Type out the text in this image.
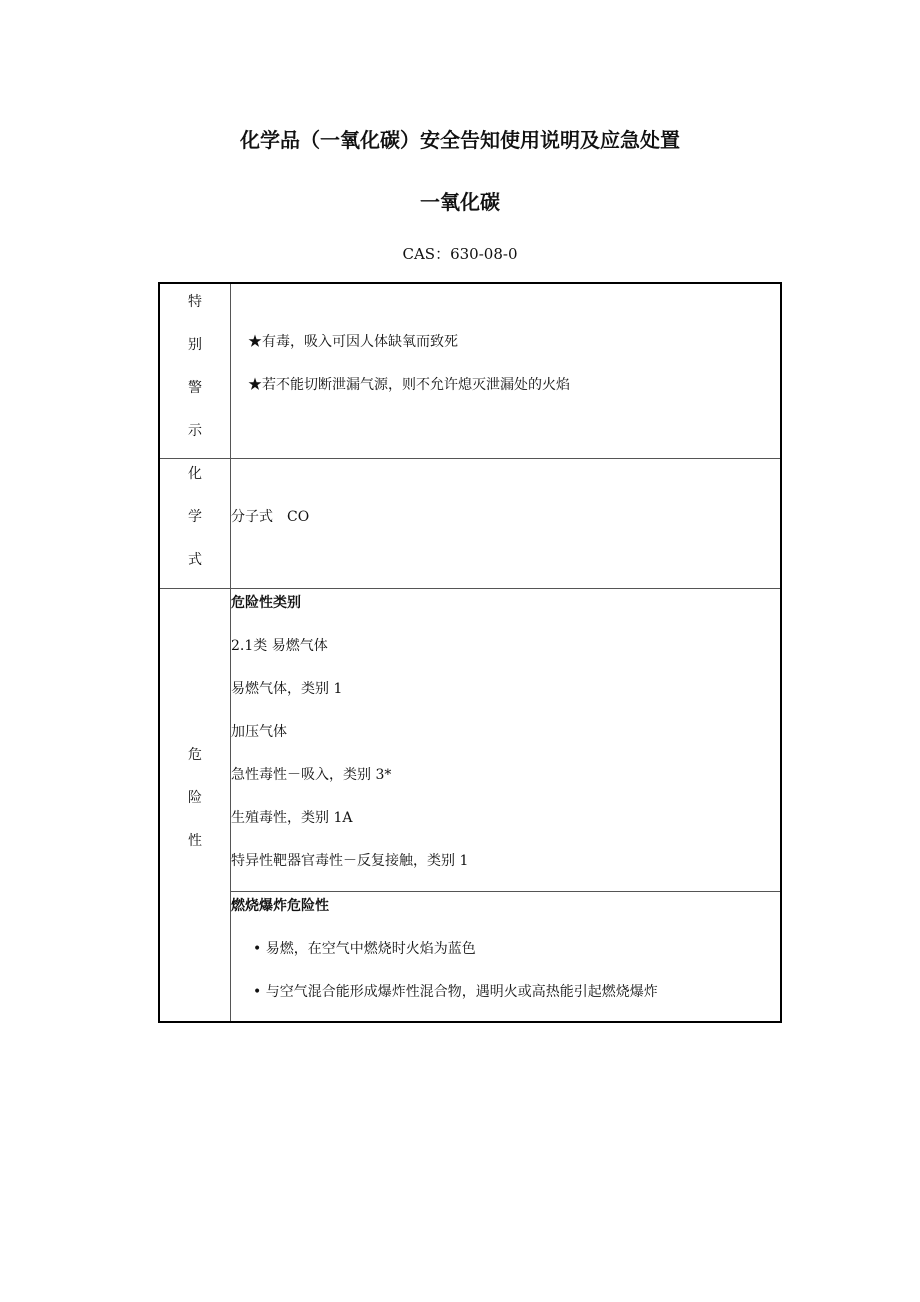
化学品（一氧化碳）安全告知使用说明及应急处置
一氧化碳
CAS：630-08-0
特
别
警
示
★有毒，吸入可因人体缺氧而致死
★若不能切断泄漏气源，则不允许熄灭泄漏处的火焰
化
学
式
分子式　CO
危
险
性
危险性类别
2.1类 易燃气体
易燃气体，类别 1
加压气体
急性毒性－吸入，类别 3*
生殖毒性，类别 1A
特异性靶器官毒性－反复接触，类别 1
燃烧爆炸危险性
• 易燃，在空气中燃烧时火焰为蓝色
• 与空气混合能形成爆炸性混合物，遇明火或高热能引起燃烧爆炸
